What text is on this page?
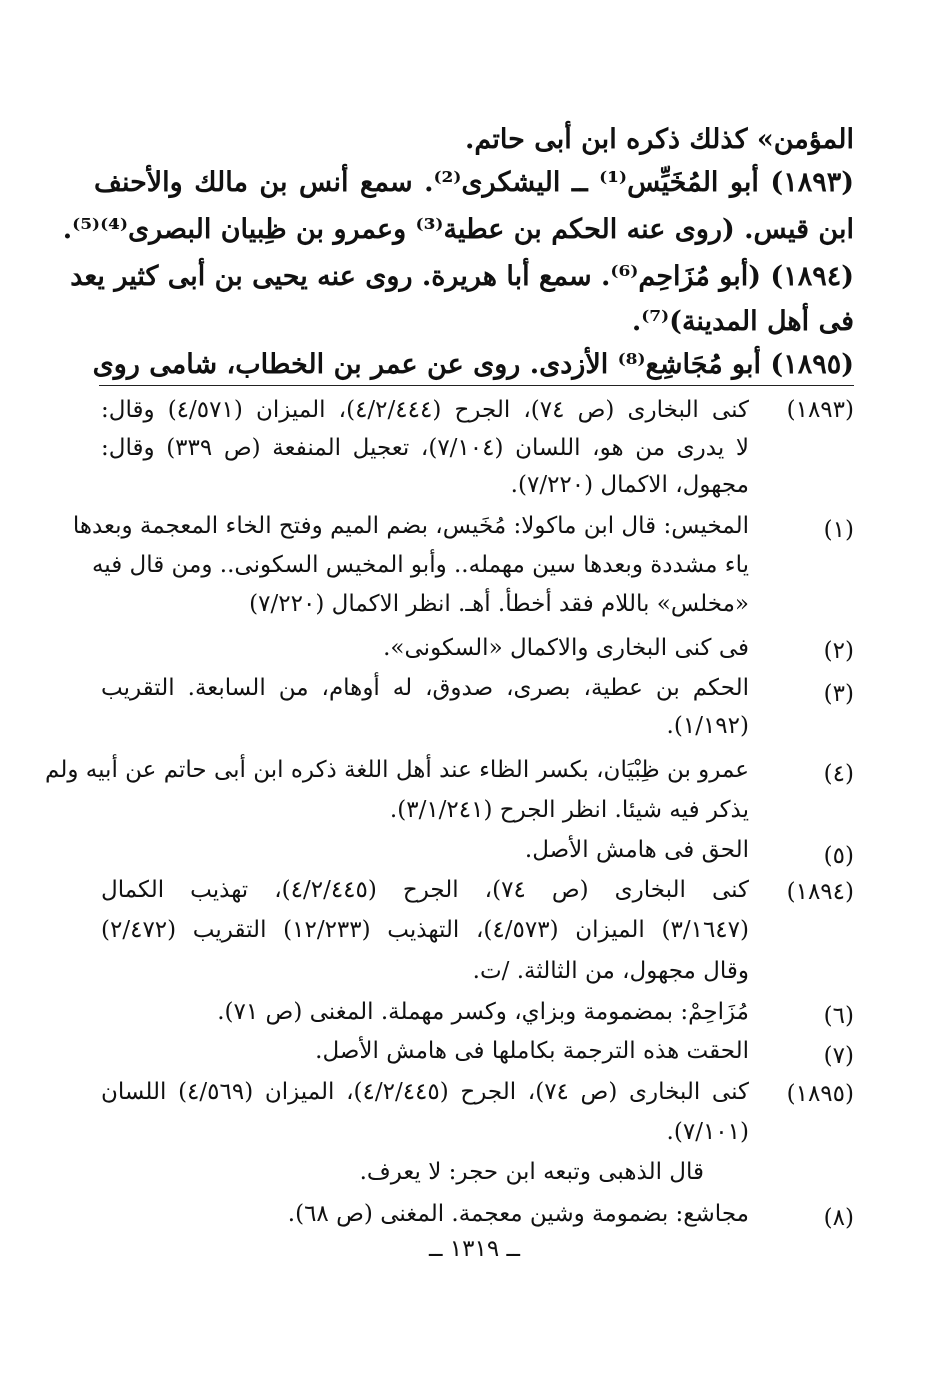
المؤمن» كذلك ذكره ابن أبى حاتم.
(١٨٩٣) أبو المُخَيِّس⁽¹⁾ ــ اليشكرى⁽²⁾. سمع أنس بن مالك والأحنف
ابن قيس. (روى عنه الحكم بن عطية⁽³⁾ وعمرو بن ظِبيان البصرى⁽⁴⁾⁽⁵⁾.
(١٨٩٤) (أبو مُزَاحِم⁽⁶⁾. سمع أبا هريرة. روى عنه يحيى بن أبى كثير يعد
فى أهل المدينة)⁽⁷⁾.
(١٨٩٥) أبو مُجَاشِع⁽⁸⁾ الأزدى. روى عن عمر بن الخطاب، شامى روى
(١٨٩٣)
كنى البخارى (ص ٧٤)، الجرح (٤/٢/٤٤٤)، الميزان (٤/٥٧١) وقال:
لا يدرى من هو، اللسان (٧/١٠٤)، تعجيل المنفعة (ص ٣٣٩) وقال:
مجهول، الاكمال (٧/٢٢٠).
(١)
المخيس: قال ابن ماكولا: مُخَيس، بضم الميم وفتح الخاء المعجمة وبعدها
ياء مشددة وبعدها سين مهمله.. وأبو المخيس السكونى.. ومن قال فيه
«مخلس» باللام فقد أخطأ. أهـ. انظر الاكمال (٧/٢٢٠)
(٢)
فى كنى البخارى والاكمال «السكونى».
(٣)
الحكم بن عطية، بصرى، صدوق، له أوهام، من السابعة. التقريب
(١/١٩٢).
(٤)
عمرو بن ظِبْيَان، بكسر الظاء عند أهل اللغة ذكره ابن أبى حاتم عن أبيه ولم
يذكر فيه شيئا. انظر الجرح (٣/١/٢٤١).
(٥)
الحق فى هامش الأصل.
(١٨٩٤)
كنى البخارى (ص ٧٤)، الجرح (٤/٢/٤٤٥)، تهذيب الكمال
(٣/١٦٤٧) الميزان (٤/٥٧٣)، التهذيب (١٢/٢٣٣) التقريب (٢/٤٧٢)
وقال مجهول، من الثالثة. /ت.
(٦)
مُزَاحِمْ: بمضمومة وبزاي، وكسر مهملة. المغنى (ص ٧١).
(٧)
الحقت هذه الترجمة بكاملها فى هامش الأصل.
(١٨٩٥)
كنى البخارى (ص ٧٤)، الجرح (٤/٢/٤٤٥)، الميزان (٤/٥٦٩) اللسان
(٧/١٠١).
قال الذهبى وتبعه ابن حجر: لا يعرف.
(٨)
مجاشع: بضمومة وشين معجمة. المغنى (ص ٦٨).
ــ ١٣١٩ ــ
